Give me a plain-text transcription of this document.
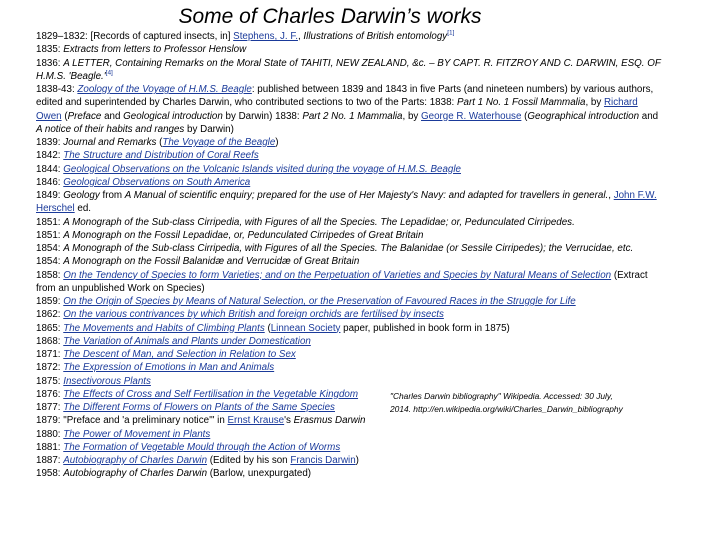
Some of Charles Darwin’s works
1829–1832: [Records of captured insects, in] Stephens, J. F., Illustrations of British entomology[1]
1835: Extracts from letters to Professor Henslow
1836: A LETTER, Containing Remarks on the Moral State of TAHITI, NEW ZEALAND, &c. – BY CAPT. R. FITZROY AND C. DARWIN, ESQ. OF H.M.S. 'Beagle.'[4]
1838-43: Zoology of the Voyage of H.M.S. Beagle: published between 1839 and 1843 in five Parts (and nineteen numbers) by various authors, edited and superintended by Charles Darwin, who contributed sections to two of the Parts: 1838: Part 1 No. 1 Fossil Mammalia, by Richard Owen (Preface and Geological introduction by Darwin) 1838: Part 2 No. 1 Mammalia, by George R. Waterhouse (Geographical introduction and A notice of their habits and ranges by Darwin)
1839: Journal and Remarks (The Voyage of the Beagle)
1842: The Structure and Distribution of Coral Reefs
1844: Geological Observations on the Volcanic Islands visited during the voyage of H.M.S. Beagle
1846: Geological Observations on South America
1849: Geology from A Manual of scientific enquiry; prepared for the use of Her Majesty's Navy: and adapted for travellers in general., John F.W. Herschel ed.
1851: A Monograph of the Sub-class Cirripedia, with Figures of all the Species. The Lepadidae; or, Pedunculated Cirripedes.
1851: A Monograph on the Fossil Lepadidae, or, Pedunculated Cirripedes of Great Britain
1854: A Monograph of the Sub-class Cirripedia, with Figures of all the Species. The Balanidae (or Sessile Cirripedes); the Verrucidae, etc.
1854: A Monograph on the Fossil Balanidæ and Verrucidæ of Great Britain
1858: On the Tendency of Species to form Varieties; and on the Perpetuation of Varieties and Species by Natural Means of Selection (Extract from an unpublished Work on Species)
1859: On the Origin of Species by Means of Natural Selection, or the Preservation of Favoured Races in the Struggle for Life
1862: On the various contrivances by which British and foreign orchids are fertilised by insects
1865: The Movements and Habits of Climbing Plants (Linnean Society paper, published in book form in 1875)
1868: The Variation of Animals and Plants under Domestication
1871: The Descent of Man, and Selection in Relation to Sex
1872: The Expression of Emotions in Man and Animals
1875: Insectivorous Plants
1876: The Effects of Cross and Self Fertilisation in the Vegetable Kingdom
1877: The Different Forms of Flowers on Plants of the Same Species
1879: "Preface and 'a preliminary notice'" in Ernst Krause's Erasmus Darwin
1880: The Power of Movement in Plants
1881: The Formation of Vegetable Mould through the Action of Worms
1887: Autobiography of Charles Darwin (Edited by his son Francis Darwin)
1958: Autobiography of Charles Darwin (Barlow, unexpurgated)
"Charles Darwin bibliography" Wikipedia. Accessed: 30 July,
2014. http://en.wikipedia.org/wiki/Charles_Darwin_bibliography
